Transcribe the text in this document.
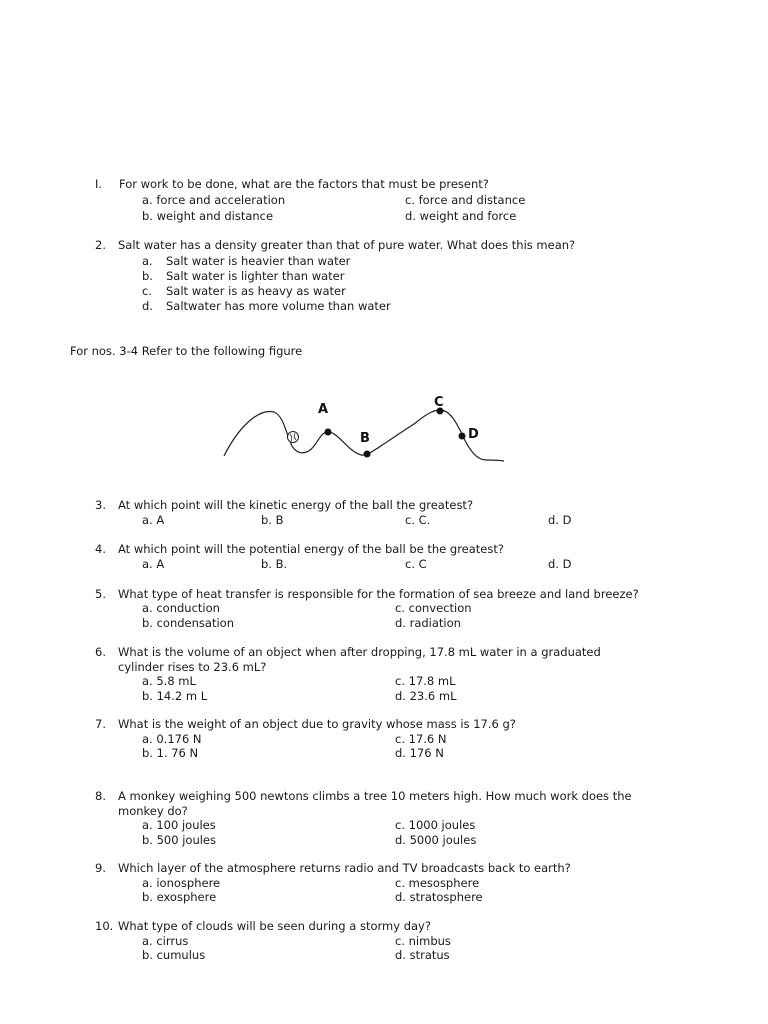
I. For work to be done, what are the factors that must be present?
a. force and acceleration
b. weight and distance
c. force and distance
d. weight and force
2. Salt water has a density greater than that of pure water. What does this mean?
a. Salt water is heavier than water
b. Salt water is lighter than water
c. Salt water is as heavy as water
d. Saltwater has more volume than water
For nos. 3-4 Refer to the following figure
A
B
C
D
3. At which point will the kinetic energy of the ball the greatest?
a. A	b. B	c. C.	d. D
4. At which point will the potential energy of the ball be the greatest?
a. A	b. B.	c. C	d. D
5. What type of heat transfer is responsible for the formation of sea breeze and land breeze?
a. conduction
b. condensation
c. convection
d. radiation
6. What is the volume of an object when after dropping, 17.8 mL water in a graduated
cylinder rises to 23.6 mL?
a. 5.8 mL
b. 14.2 m L
c. 17.8 mL
d. 23.6 mL
7. What is the weight of an object due to gravity whose mass is 17.6 g?
a. 0.176 N
b. 1. 76 N
c. 17.6 N
d. 176 N
8. A monkey weighing 500 newtons climbs a tree 10 meters high. How much work does the
monkey do?
a. 100 joules
b. 500 joules
c. 1000 joules
d. 5000 joules
9. Which layer of the atmosphere returns radio and TV broadcasts back to earth?
a. ionosphere
b. exosphere
c. mesosphere
d. stratosphere
10. What type of clouds will be seen during a stormy day?
a. cirrus
b. cumulus
c. nimbus
d. stratus
